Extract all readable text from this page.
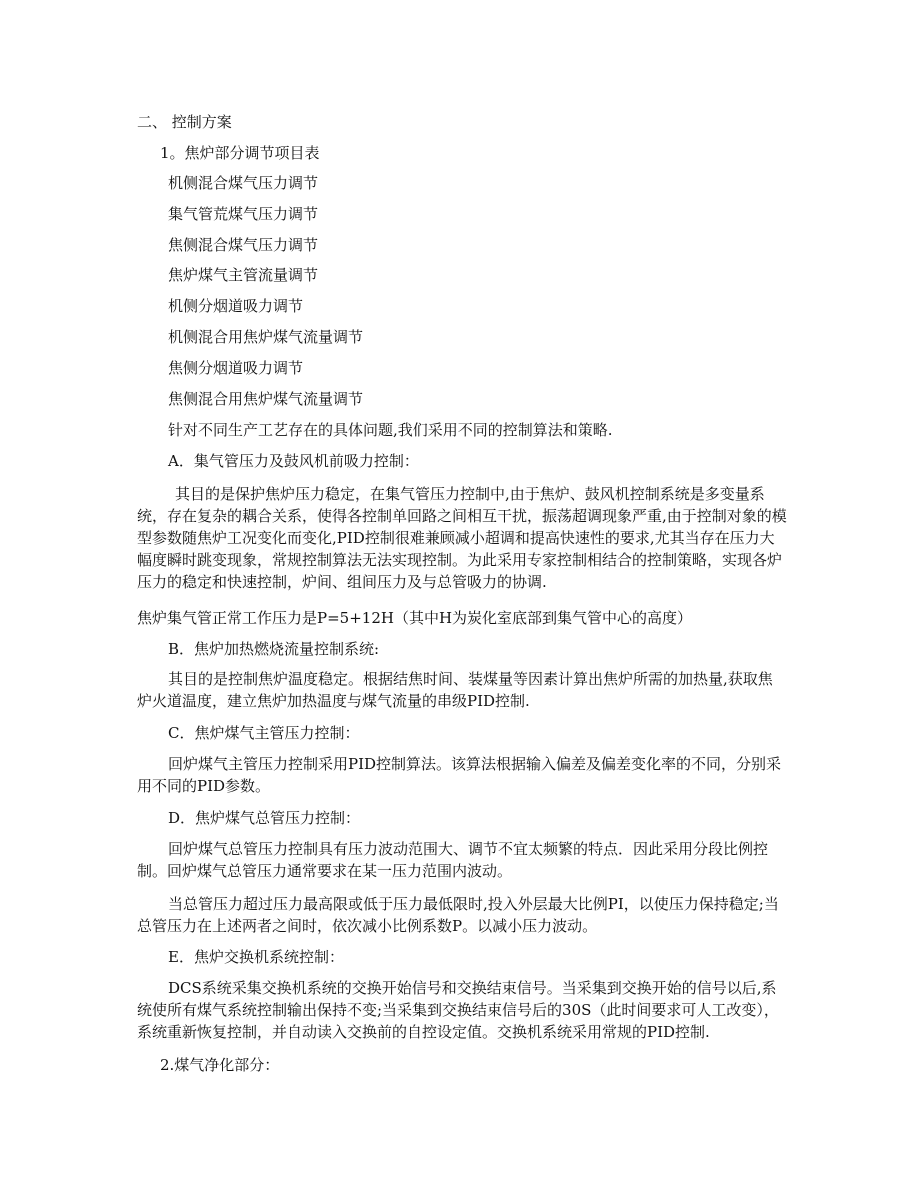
二、 控制方案

1。焦炉部分调节项目表

机侧混合煤气压力调节

集气管荒煤气压力调节

焦侧混合煤气压力调节

焦炉煤气主管流量调节

机侧分烟道吸力调节

机侧混合用焦炉煤气流量调节

焦侧分烟道吸力调节

焦侧混合用焦炉煤气流量调节

针对不同生产工艺存在的具体问题,我们采用不同的控制算法和策略.

A．集气管压力及鼓风机前吸力控制：

其目的是保护焦炉压力稳定，在集气管压力控制中,由于焦炉、鼓风机控制系统是多变量系统，存在复杂的耦合关系，使得各控制单回路之间相互干扰，振荡超调现象严重,由于控制对象的模型参数随焦炉工况变化而变化,PID控制很难兼顾减小超调和提高快速性的要求,尤其当存在压力大幅度瞬时跳变现象，常规控制算法无法实现控制。为此采用专家控制相结合的控制策略，实现各炉压力的稳定和快速控制，炉间、组间压力及与总管吸力的协调.

焦炉集气管正常工作压力是P=5+12H（其中H为炭化室底部到集气管中心的高度）

B．焦炉加热燃烧流量控制系统:

其目的是控制焦炉温度稳定。根据结焦时间、装煤量等因素计算出焦炉所需的加热量,获取焦炉火道温度，建立焦炉加热温度与煤气流量的串级PID控制.

C．焦炉煤气主管压力控制：

回炉煤气主管压力控制采用PID控制算法。该算法根据输入偏差及偏差变化率的不同，分别采用不同的PID参数。

D．焦炉煤气总管压力控制：

回炉煤气总管压力控制具有压力波动范围大、调节不宜太频繁的特点．因此采用分段比例控制。回炉煤气总管压力通常要求在某一压力范围内波动。

当总管压力超过压力最高限或低于压力最低限时,投入外层最大比例PI，以使压力保持稳定;当总管压力在上述两者之间时，依次减小比例系数P。以减小压力波动。

E．焦炉交换机系统控制：

DCS系统采集交换机系统的交换开始信号和交换结束信号。当采集到交换开始的信号以后,系统使所有煤气系统控制输出保持不变;当采集到交换结束信号后的30S（此时间要求可人工改变），系统重新恢复控制，并自动读入交换前的自控设定值。交换机系统采用常规的PID控制.

2.煤气净化部分：
